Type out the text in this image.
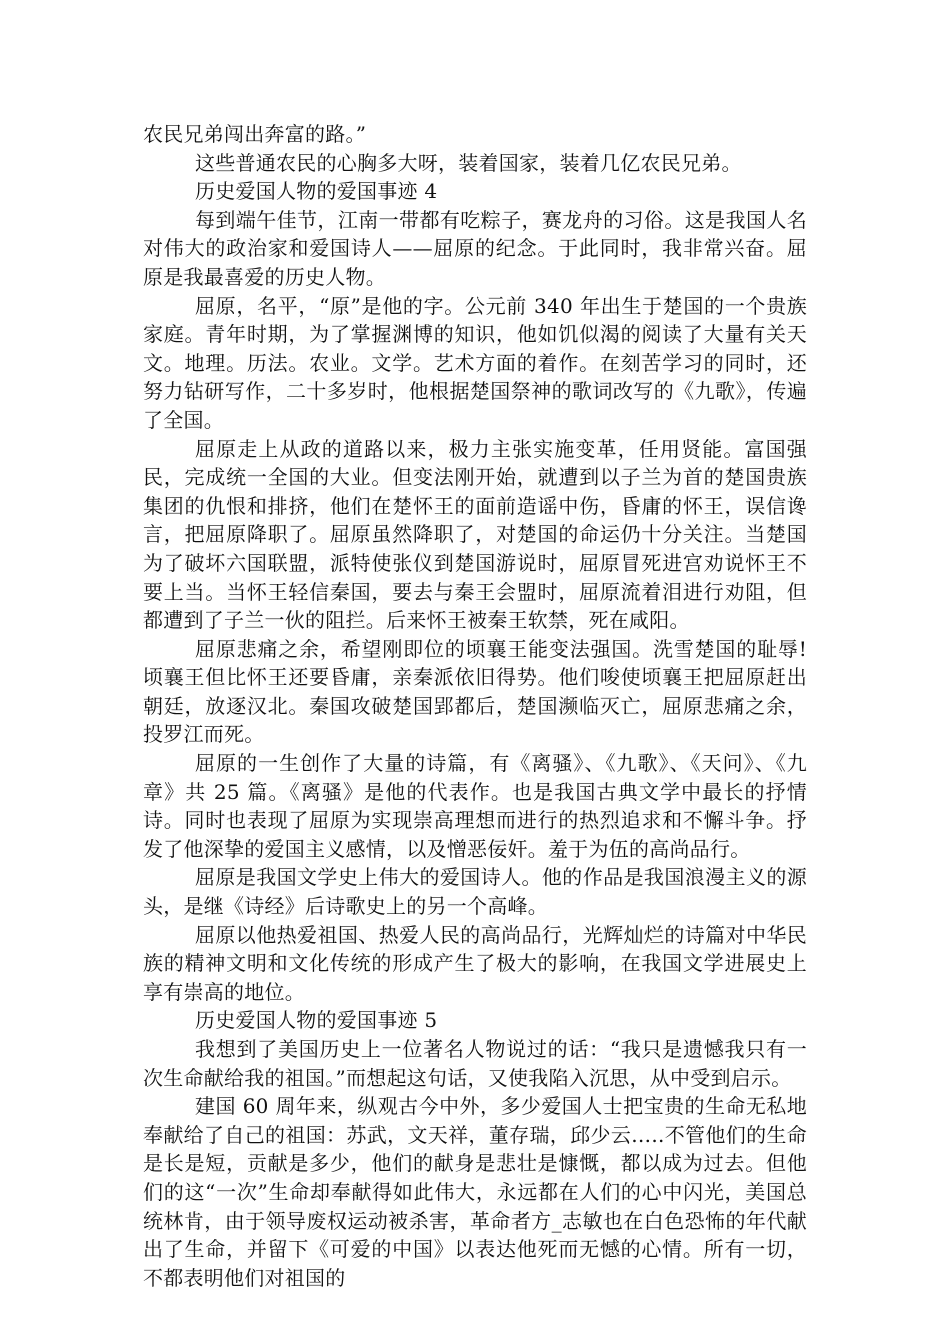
农民兄弟闯出奔富的路。”

这些普通农民的心胸多大呀，装着国家，装着几亿农民兄弟。

历史爱国人物的爱国事迹 4

每到端午佳节，江南一带都有吃粽子，赛龙舟的习俗。这是我国人名对伟大的政治家和爱国诗人——屈原的纪念。于此同时，我非常兴奋。屈原是我最喜爱的历史人物。

屈原，名平，“原”是他的字。公元前 340 年出生于楚国的一个贵族家庭。青年时期，为了掌握渊博的知识，他如饥似渴的阅读了大量有关天文。地理。历法。农业。文学。艺术方面的着作。在刻苦学习的同时，还努力钻研写作，二十多岁时，他根据楚国祭神的歌词改写的《九歌》，传遍了全国。

屈原走上从政的道路以来，极力主张实施变革，任用贤能。富国强民，完成统一全国的大业。但变法刚开始，就遭到以子兰为首的楚国贵族集团的仇恨和排挤，他们在楚怀王的面前造谣中伤，昏庸的怀王，误信谗言，把屈原降职了。屈原虽然降职了，对楚国的命运仍十分关注。当楚国为了破坏六国联盟，派特使张仪到楚国游说时，屈原冒死进宫劝说怀王不要上当。当怀王轻信秦国，要去与秦王会盟时，屈原流着泪进行劝阻，但都遭到了子兰一伙的阻拦。后来怀王被秦王软禁，死在咸阳。

屈原悲痛之余，希望刚即位的顷襄王能变法强国。洗雪楚国的耻辱!顷襄王但比怀王还要昏庸，亲秦派依旧得势。他们唆使顷襄王把屈原赶出朝廷，放逐汉北。秦国攻破楚国郢都后，楚国濒临灭亡，屈原悲痛之余，投罗江而死。

屈原的一生创作了大量的诗篇，有《离骚》、《九歌》、《天问》、《九章》共 25 篇。《离骚》是他的代表作。也是我国古典文学中最长的抒情诗。同时也表现了屈原为实现崇高理想而进行的热烈追求和不懈斗争。抒发了他深挚的爱国主义感情，以及憎恶佞奸。羞于为伍的高尚品行。

屈原是我国文学史上伟大的爱国诗人。他的作品是我国浪漫主义的源头，是继《诗经》后诗歌史上的另一个高峰。

屈原以他热爱祖国、热爱人民的高尚品行，光辉灿烂的诗篇对中华民族的精神文明和文化传统的形成产生了极大的影响，在我国文学进展史上享有崇高的地位。

历史爱国人物的爱国事迹 5

我想到了美国历史上一位著名人物说过的话：“我只是遗憾我只有一次生命献给我的祖国。”而想起这句话，又使我陷入沉思，从中受到启示。

建国 60 周年来，纵观古今中外，多少爱国人士把宝贵的生命无私地奉献给了自己的祖国：苏武，文天祥，董存瑞，邱少云…..不管他们的生命是长是短，贡献是多少，他们的献身是悲壮是慷慨，都以成为过去。但他们的这“一次”生命却奉献得如此伟大，永远都在人们的心中闪光，美国总统林肯，由于领导废权运动被杀害，革命者方_志敏也在白色恐怖的年代献出了生命，并留下《可爱的中国》以表达他死而无憾的心情。所有一切，不都表明他们对祖国的
